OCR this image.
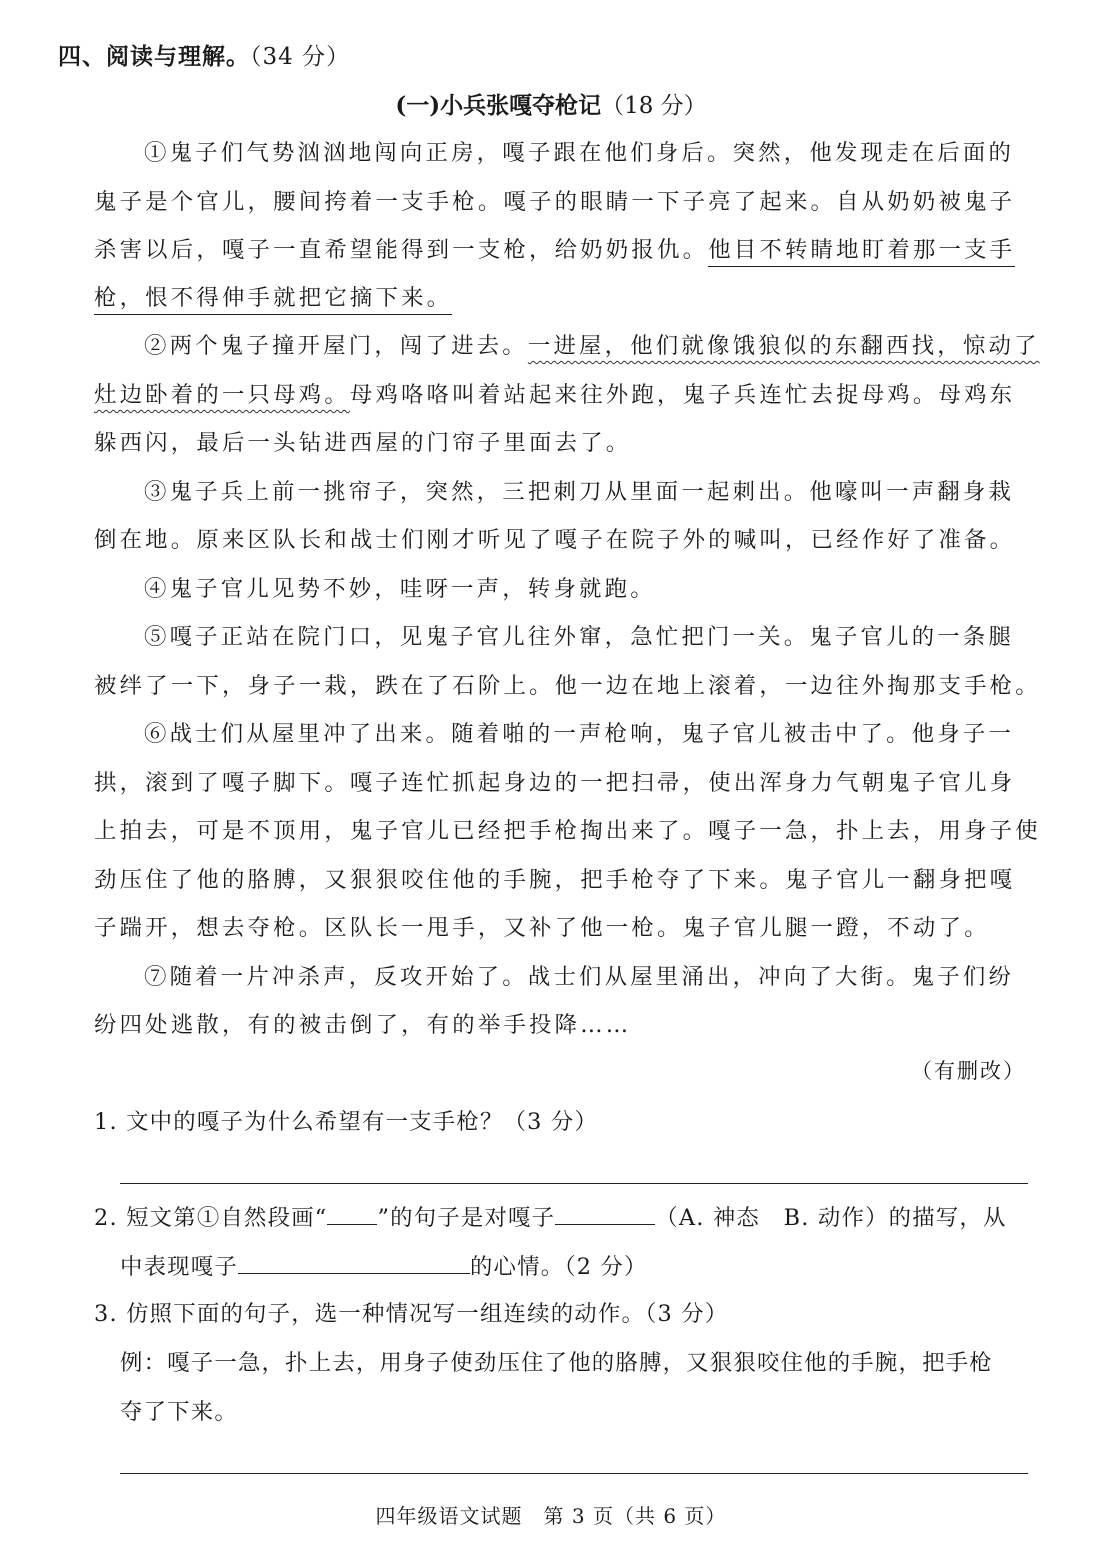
四、阅读与理解。（34 分）
(一)小兵张嘎夺枪记（18 分）
①鬼子们气势汹汹地闯向正房，嘎子跟在他们身后。突然，他发现走在后面的
鬼子是个官儿，腰间挎着一支手枪。嘎子的眼睛一下子亮了起来。自从奶奶被鬼子
杀害以后，嘎子一直希望能得到一支枪，给奶奶报仇。他目不转睛地盯着那一支手
枪，恨不得伸手就把它摘下来。
②两个鬼子撞开屋门，闯了进去。一进屋，他们就像饿狼似的东翻西找，惊动了
灶边卧着的一只母鸡。母鸡咯咯叫着站起来往外跑，鬼子兵连忙去捉母鸡。母鸡东
躲西闪，最后一头钻进西屋的门帘子里面去了。
③鬼子兵上前一挑帘子，突然，三把刺刀从里面一起刺出。他嚎叫一声翻身栽
倒在地。原来区队长和战士们刚才听见了嘎子在院子外的喊叫，已经作好了准备。
④鬼子官儿见势不妙，哇呀一声，转身就跑。
⑤嘎子正站在院门口，见鬼子官儿往外窜，急忙把门一关。鬼子官儿的一条腿
被绊了一下，身子一栽，跌在了石阶上。他一边在地上滚着，一边往外掏那支手枪。
⑥战士们从屋里冲了出来。随着啪的一声枪响，鬼子官儿被击中了。他身子一
拱，滚到了嘎子脚下。嘎子连忙抓起身边的一把扫帚，使出浑身力气朝鬼子官儿身
上拍去，可是不顶用，鬼子官儿已经把手枪掏出来了。嘎子一急，扑上去，用身子使
劲压住了他的胳膊，又狠狠咬住他的手腕，把手枪夺了下来。鬼子官儿一翻身把嘎
子踹开，想去夺枪。区队长一甩手，又补了他一枪。鬼子官儿腿一蹬，不动了。
⑦随着一片冲杀声，反攻开始了。战士们从屋里涌出，冲向了大街。鬼子们纷
纷四处逃散，有的被击倒了，有的举手投降……
（有删改）
1. 文中的嘎子为什么希望有一支手枪？（3 分）
2. 短文第①自然段画“ ”的句子是对嘎子	（A. 神态　B. 动作）的描写，从
中表现嘎子	的心情。（2 分）
3. 仿照下面的句子，选一种情况写一组连续的动作。（3 分）
例：嘎子一急，扑上去，用身子使劲压住了他的胳膊，又狠狠咬住他的手腕，把手枪
夺了下来。
四年级语文试题　第 3 页（共 6 页）
